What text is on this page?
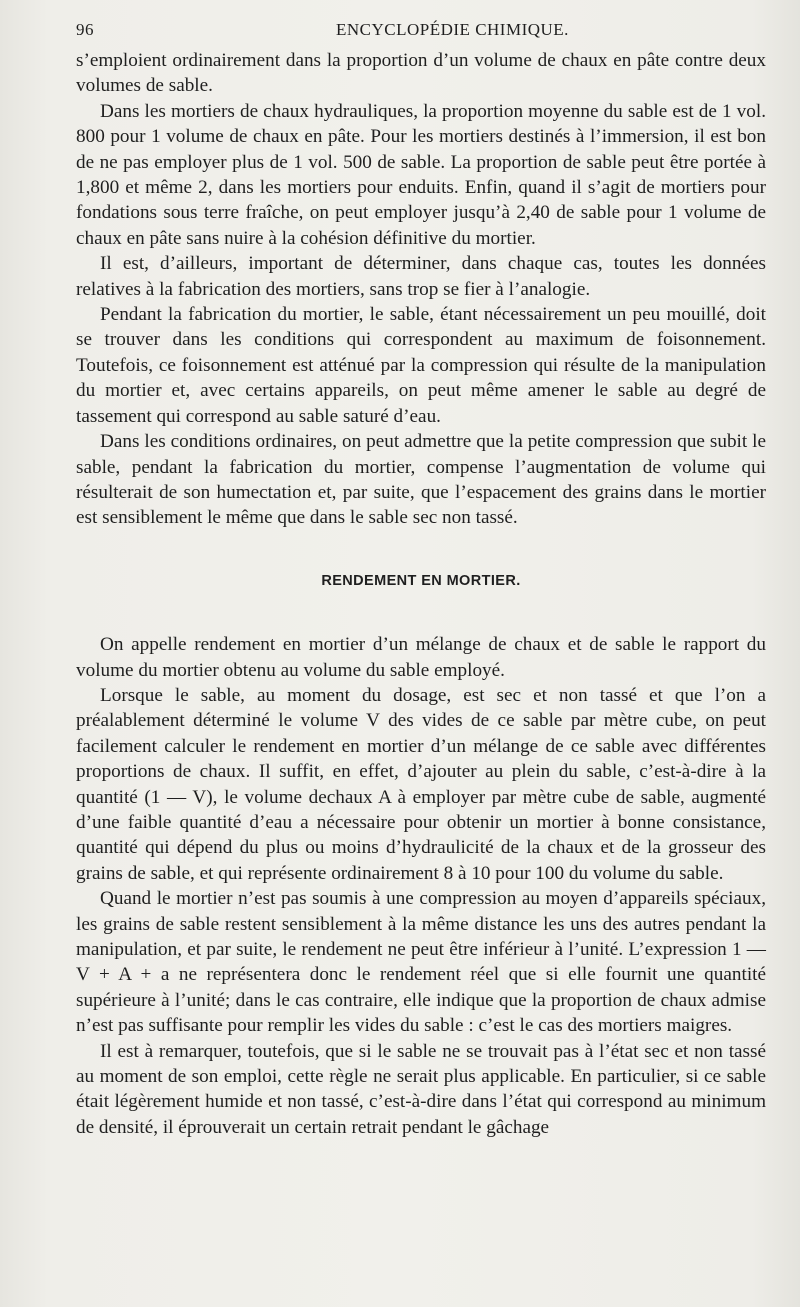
96	ENCYCLOPÉDIE CHIMIQUE.

s’emploient ordinairement dans la proportion d’un volume de chaux en pâte contre deux volumes de sable.

Dans les mortiers de chaux hydrauliques, la proportion moyenne du sable est de 1 vol. 800 pour 1 volume de chaux en pâte. Pour les mortiers destinés à l’immersion, il est bon de ne pas employer plus de 1 vol. 500 de sable. La proportion de sable peut être portée à 1,800 et même 2, dans les mortiers pour enduits. Enfin, quand il s’agit de mortiers pour fondations sous terre fraîche, on peut employer jusqu’à 2,40 de sable pour 1 volume de chaux en pâte sans nuire à la cohésion définitive du mortier.

Il est, d’ailleurs, important de déterminer, dans chaque cas, toutes les données relatives à la fabrication des mortiers, sans trop se fier à l’analogie.

Pendant la fabrication du mortier, le sable, étant nécessairement un peu mouillé, doit se trouver dans les conditions qui correspondent au maximum de foisonnement. Toutefois, ce foisonnement est atténué par la compression qui résulte de la manipulation du mortier et, avec certains appareils, on peut même amener le sable au degré de tassement qui correspond au sable saturé d’eau.

Dans les conditions ordinaires, on peut admettre que la petite compression que subit le sable, pendant la fabrication du mortier, compense l’augmentation de volume qui résulterait de son humectation et, par suite, que l’espacement des grains dans le mortier est sensiblement le même que dans le sable sec non tassé.

RENDEMENT EN MORTIER.

On appelle rendement en mortier d’un mélange de chaux et de sable le rapport du volume du mortier obtenu au volume du sable employé.

Lorsque le sable, au moment du dosage, est sec et non tassé et que l’on a préalablement déterminé le volume V des vides de ce sable par mètre cube, on peut facilement calculer le rendement en mortier d’un mélange de ce sable avec différentes proportions de chaux. Il suffit, en effet, d’ajouter au plein du sable, c’est-à-dire à la quantité (1 — V), le volume dechaux A à employer par mètre cube de sable, augmenté d’une faible quantité d’eau a nécessaire pour obtenir un mortier à bonne consistance, quantité qui dépend du plus ou moins d’hydraulicité de la chaux et de la grosseur des grains de sable, et qui représente ordinairement 8 à 10 pour 100 du volume du sable.

Quand le mortier n’est pas soumis à une compression au moyen d’appareils spéciaux, les grains de sable restent sensiblement à la même distance les uns des autres pendant la manipulation, et par suite, le rendement ne peut être inférieur à l’unité. L’expression 1 — V + A + a ne représentera donc le rendement réel que si elle fournit une quantité supérieure à l’unité; dans le cas contraire, elle indique que la proportion de chaux admise n’est pas suffisante pour remplir les vides du sable : c’est le cas des mortiers maigres.

Il est à remarquer, toutefois, que si le sable ne se trouvait pas à l’état sec et non tassé au moment de son emploi, cette règle ne serait plus applicable. En particulier, si ce sable était légèrement humide et non tassé, c’est-à-dire dans l’état qui correspond au minimum de densité, il éprouverait un certain retrait pendant le gâchage
